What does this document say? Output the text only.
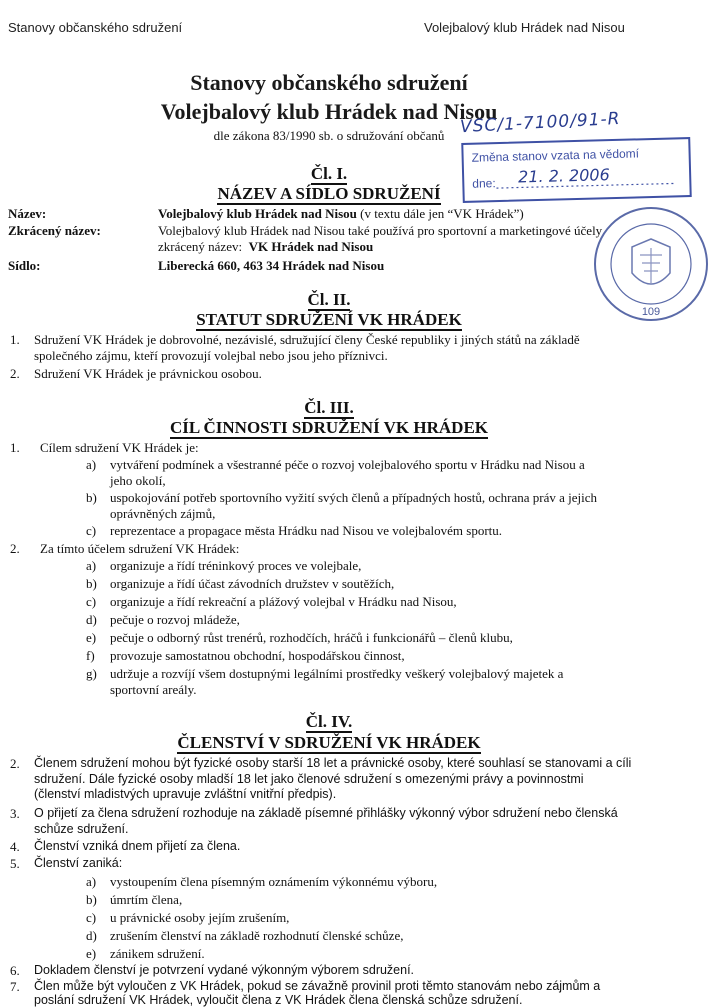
Stanovy občanského sdružení	Volejbalový klub Hrádek nad Nisou
Stanovy občanského sdružení
Volejbalový klub Hrádek nad Nisou
dle zákona 83/1990 sb. o sdružování občanů VSC/1-7100/91-R
Změna stanov vzata na vědomí
dne: 21. 2. 2006
109
Čl. I.
NÁZEV A SÍDLO SDRUŽENÍ
Název:	Volejbalový klub Hrádek nad Nisou (v textu dále jen “VK Hrádek”)
Zkrácený název:	Volejbalový klub Hrádek nad Nisou také používá pro sportovní a marketingové účely
zkrácený název: VK Hrádek nad Nisou
Sídlo:	Liberecká 660, 463 34 Hrádek nad Nisou
Čl. II.
STATUT SDRUŽENÍ VK HRÁDEK
1. Sdružení VK Hrádek je dobrovolné, nezávislé, sdružující členy České republiky i jiných států na základě
společného zájmu, kteří provozují volejbal nebo jsou jeho příznivci.
2. Sdružení VK Hrádek je právnickou osobou.
Čl. III.
CÍL ČINNOSTI SDRUŽENÍ VK HRÁDEK
1. Cílem sdružení VK Hrádek je:
a) vytváření podmínek a všestranné péče o rozvoj volejbalového sportu v Hrádku nad Nisou a
jeho okolí,
b) uspokojování potřeb sportovního vyžití svých členů a případných hostů, ochrana práv a jejich
oprávněných zájmů,
c) reprezentace a propagace města Hrádku nad Nisou ve volejbalovém sportu.
2. Za tímto účelem sdružení VK Hrádek:
a) organizuje a řídí tréninkový proces ve volejbale,
b) organizuje a řídí účast závodních družstev v soutěžích,
c) organizuje a řídí rekreační a plážový volejbal v Hrádku nad Nisou,
d) pečuje o rozvoj mládeže,
e) pečuje o odborný růst trenérů, rozhodčích, hráčů i funkcionářů – členů klubu,
f) provozuje samostatnou obchodní, hospodářskou činnost,
g) udržuje a rozvíjí všem dostupnými legálními prostředky veškerý volejbalový majetek a
sportovní areály.
Čl. IV.
ČLENSTVÍ V SDRUŽENÍ VK HRÁDEK
2. Členem sdružení mohou být fyzické osoby starší 18 let a právnické osoby, které souhlasí se stanovami a cíli
sdružení. Dále fyzické osoby mladší 18 let jako členové sdružení s omezenými právy a povinnostmi
(členství mladistvých upravuje zvláštní vnitřní předpis).
3. O přijetí za člena sdružení rozhoduje na základě písemné přihlášky výkonný výbor sdružení nebo členská
schůze sdružení.
4. Členství vzniká dnem přijetí za člena.
5. Členství zaniká:
a) vystoupením člena písemným oznámením výkonnému výboru,
b) úmrtím člena,
c) u právnické osoby jejím zrušením,
d) zrušením členství na základě rozhodnutí členské schůze,
e) zánikem sdružení.
6. Dokladem členství je potvrzení vydané výkonným výborem sdružení.
7. Člen může být vyloučen z VK Hrádek, pokud se závažně provinil proti těmto stanovám nebo zájmům a
poslání sdružení VK Hrádek, vyloučit člena z VK Hrádek člena členská schůze sdružení.
